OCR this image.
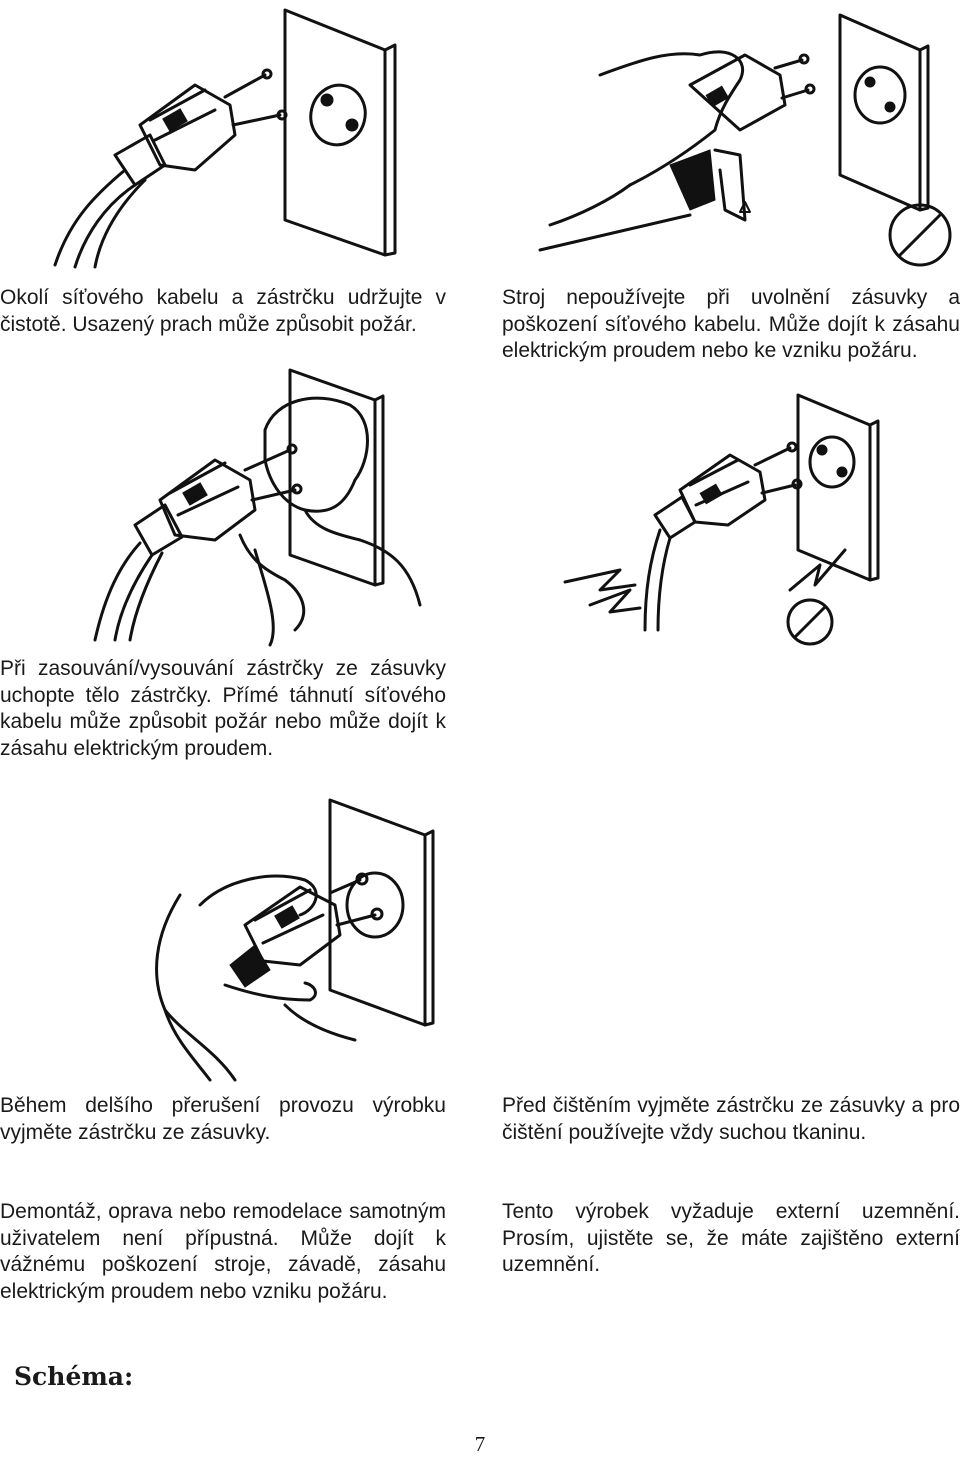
Okolí síťového kabelu a zástrčku udržujte v čistotě. Usazený prach může způsobit požár.

Stroj nepoužívejte při uvolnění zásuvky a poškození síťového kabelu. Může dojít k zásahu elektrickým proudem nebo ke vzniku požáru.

Při zasouvání/vysouvání zástrčky ze zásuvky uchopte tělo zástrčky. Přímé táhnutí síťového kabelu může způsobit požár nebo může dojít k zásahu elektrickým proudem.

Během delšího přerušení provozu výrobku vyjměte zástrčku ze zásuvky.

Před čištěním vyjměte zástrčku ze zásuvky a pro čištění používejte vždy suchou tkaninu.

Demontáž, oprava nebo remodelace samotným uživatelem není přípustná. Může dojít k vážnému poškození stroje, závadě, zásahu elektrickým proudem nebo vzniku požáru.

Tento výrobek vyžaduje externí uzemnění. Prosím, ujistěte se, že máte zajištěno externí uzemnění.

Schéma:
7
